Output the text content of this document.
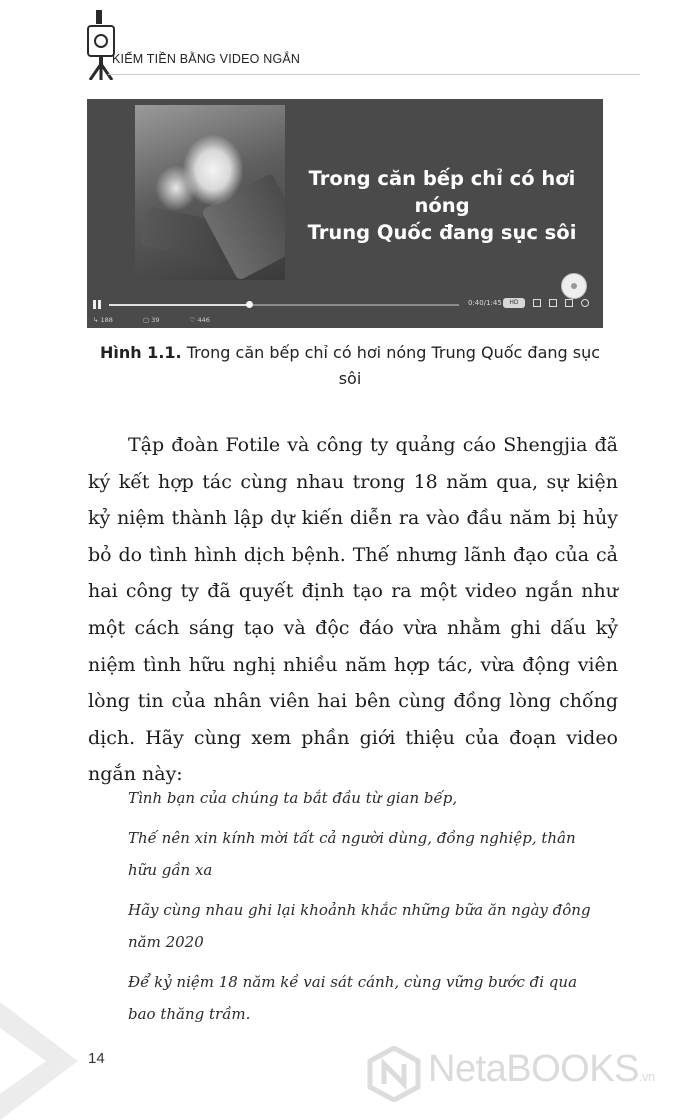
KIẾM TIỀN BẰNG VIDEO NGẮN
Trong căn bếp chỉ có hơi nóng
Trung Quốc đang sục sôi
0:40/1:45	HD
↳ 188	▢ 39	♡ 446
Hình 1.1. Trong căn bếp chỉ có hơi nóng Trung Quốc đang sục sôi

Tập đoàn Fotile và công ty quảng cáo Shengjia đã ký kết hợp tác cùng nhau trong 18 năm qua, sự kiện kỷ niệm thành lập dự kiến diễn ra vào đầu năm bị hủy bỏ do tình hình dịch bệnh. Thế nhưng lãnh đạo của cả hai công ty đã quyết định tạo ra một video ngắn như một cách sáng tạo và độc đáo vừa nhằm ghi dấu kỷ niệm tình hữu nghị nhiều năm hợp tác, vừa động viên lòng tin của nhân viên hai bên cùng đồng lòng chống dịch. Hãy cùng xem phần giới thiệu của đoạn video ngắn này:

Tình bạn của chúng ta bắt đầu từ gian bếp,

Thế nên xin kính mời tất cả người dùng, đồng nghiệp, thân hữu gần xa

Hãy cùng nhau ghi lại khoảnh khắc những bữa ăn ngày đông năm 2020

Để kỷ niệm 18 năm kề vai sát cánh, cùng vững bước đi qua bao thăng trầm.

14	NetaBOOKS.vn
